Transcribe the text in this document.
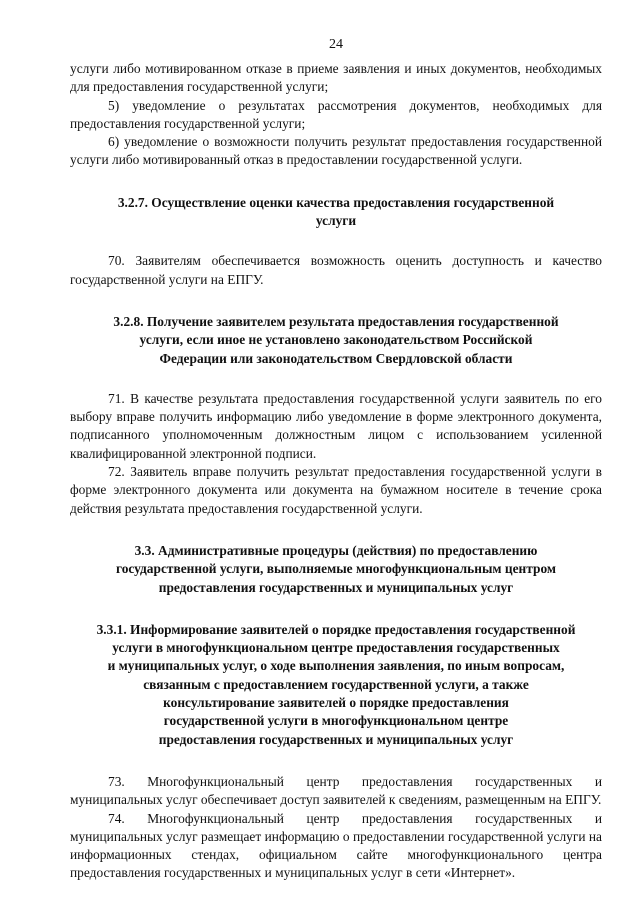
24

услуги либо мотивированном отказе в приеме заявления и иных документов, необходимых для предоставления государственной услуги;

5) уведомление о результатах рассмотрения документов, необходимых для предоставления государственной услуги;

6) уведомление о возможности получить результат предоставления государственной услуги либо мотивированный отказ в предоставлении государственной услуги.

3.2.7. Осуществление оценки качества предоставления государственной
услуги

70. Заявителям обеспечивается возможность оценить доступность и качество государственной услуги на ЕПГУ.

3.2.8. Получение заявителем результата предоставления государственной
услуги, если иное не установлено законодательством Российской
Федерации или законодательством Свердловской области

71. В качестве результата предоставления государственной услуги заявитель по его выбору вправе получить информацию либо уведомление в форме электронного документа, подписанного уполномоченным должностным лицом с использованием усиленной квалифицированной электронной подписи.

72. Заявитель вправе получить результат предоставления государственной услуги в форме электронного документа или документа на бумажном носителе в течение срока действия результата предоставления государственной услуги.

3.3. Административные процедуры (действия) по предоставлению
государственной услуги, выполняемые многофункциональным центром
предоставления государственных и муниципальных услуг
3.3.1. Информирование заявителей о порядке предоставления государственной
услуги в многофункциональном центре предоставления государственных
и муниципальных услуг, о ходе выполнения заявления, по иным вопросам,
связанным с предоставлением государственной услуги, а также
консультирование заявителей о порядке предоставления
государственной услуги в многофункциональном центре
предоставления государственных и муниципальных услуг

73. Многофункциональный центр предоставления государственных и муниципальных услуг обеспечивает доступ заявителей к сведениям, размещенным на ЕПГУ.

74. Многофункциональный центр предоставления государственных и муниципальных услуг размещает информацию о предоставлении государственной услуги на информационных стендах, официальном сайте многофункционального центра предоставления государственных и муниципальных услуг в сети «Интернет».
